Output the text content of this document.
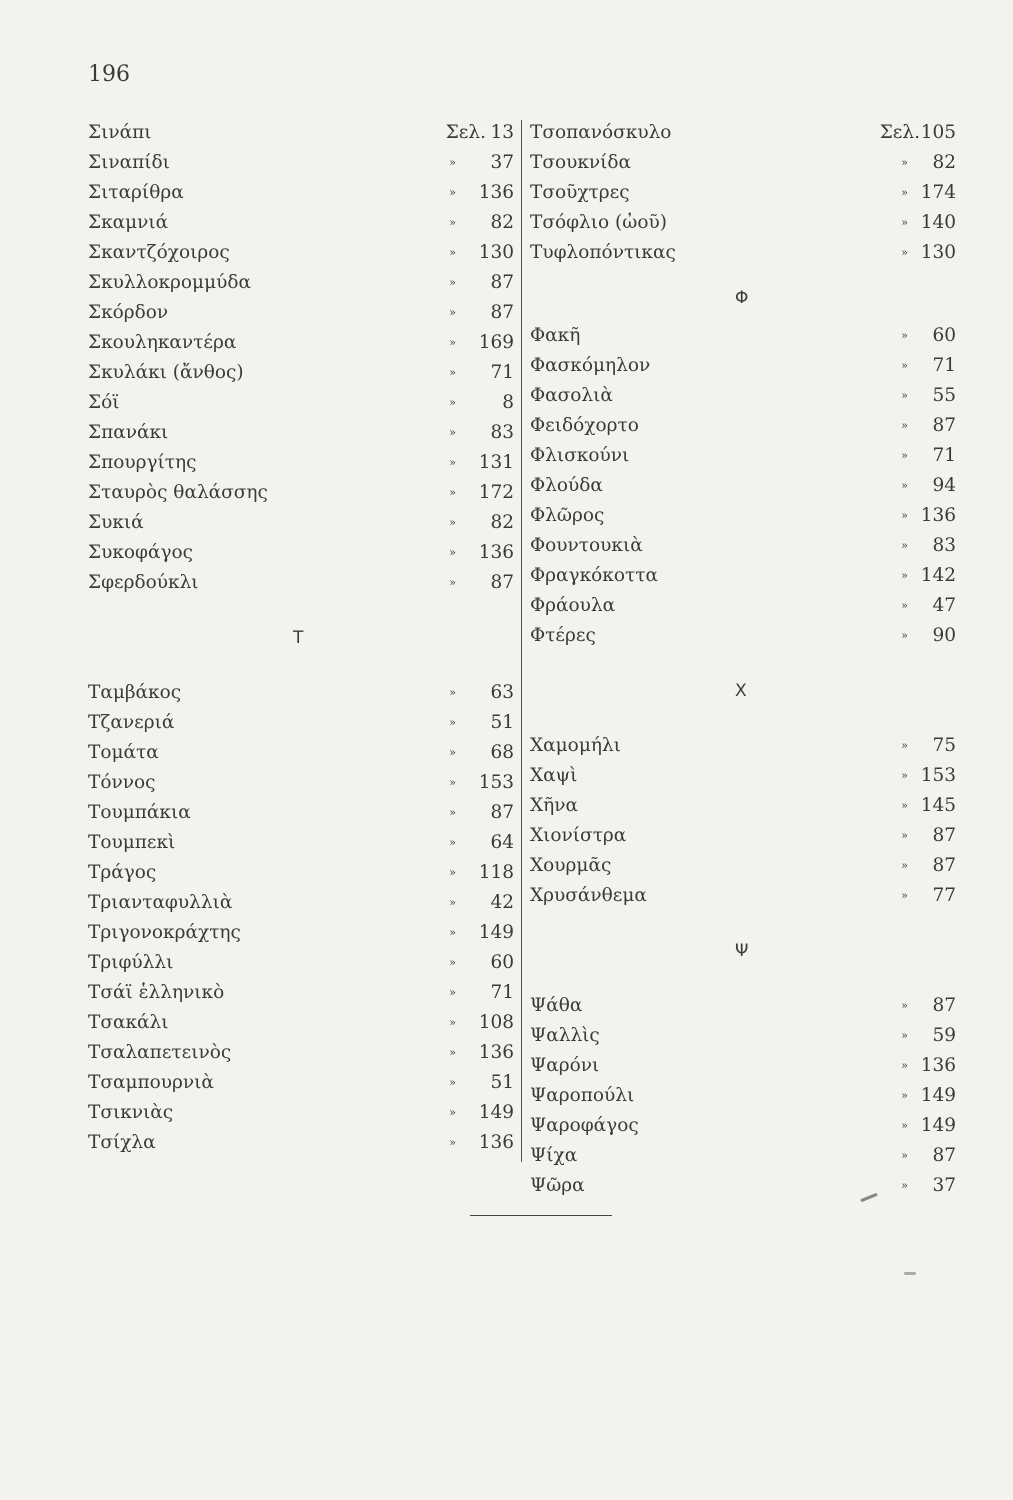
196
Σινάπι	Σελ. 13
Σιναπίδι	» 37
Σιταρίθρα	» 136
Σκαμνιά	» 82
Σκαντζόχοιρος	» 130
Σκυλλοκρομμύδα	» 87
Σκόρδον	» 87
Σκουληκαντέρα	» 169
Σκυλάκι (ἄνθος)	» 71
Σόϊ	» 8
Σπανάκι	» 83
Σπουργίτης	» 131
Σταυρὸς θαλάσσης	» 172
Συκιά	» 82
Συκοφάγος	» 136
Σφερδούκλι	» 87
Τ
Ταμβάκος	» 63
Τζανεριά	» 51
Τομάτα	» 68
Τόννος	» 153
Τουμπάκια	» 87
Τουμπεκὶ	» 64
Τράγος	» 118
Τριανταφυλλιὰ	» 42
Τριγονοκράχτης	» 149
Τριφύλλι	» 60
Τσάϊ ἑλληνικὸ	» 71
Τσακάλι	» 108
Τσαλαπετεινὸς	» 136
Τσαμπουρνιὰ	» 51
Τσικνιὰς	» 149
Τσίχλα	» 136
Τσοπανόσκυλο	Σελ. 105
Τσουκνίδα	» 82
Τσοῦχτρες	» 174
Τσόφλιο (ὠοῦ)	» 140
Τυφλοπόντικας	» 130
Φ
Φακῆ	» 60
Φασκόμηλον	» 71
Φασολιὰ	» 55
Φειδόχορτο	» 87
Φλισκούνι	» 71
Φλούδα	» 94
Φλῶρος	» 136
Φουντουκιὰ	» 83
Φραγκόκοττα	» 142
Φράουλα	» 47
Φτέρες	» 90
Χ
Χαμομήλι	» 75
Χαψὶ	» 153
Χῆνα	» 145
Χιονίστρα	» 87
Χουρμᾶς	» 87
Χρυσάνθεμα	» 77
Ψ
Ψάθα	» 87
Ψαλλὶς	» 59
Ψαρόνι	» 136
Ψαροπούλι	» 149
Ψαροφάγος	» 149
Ψίχα	» 87
Ψῶρα	» 37
